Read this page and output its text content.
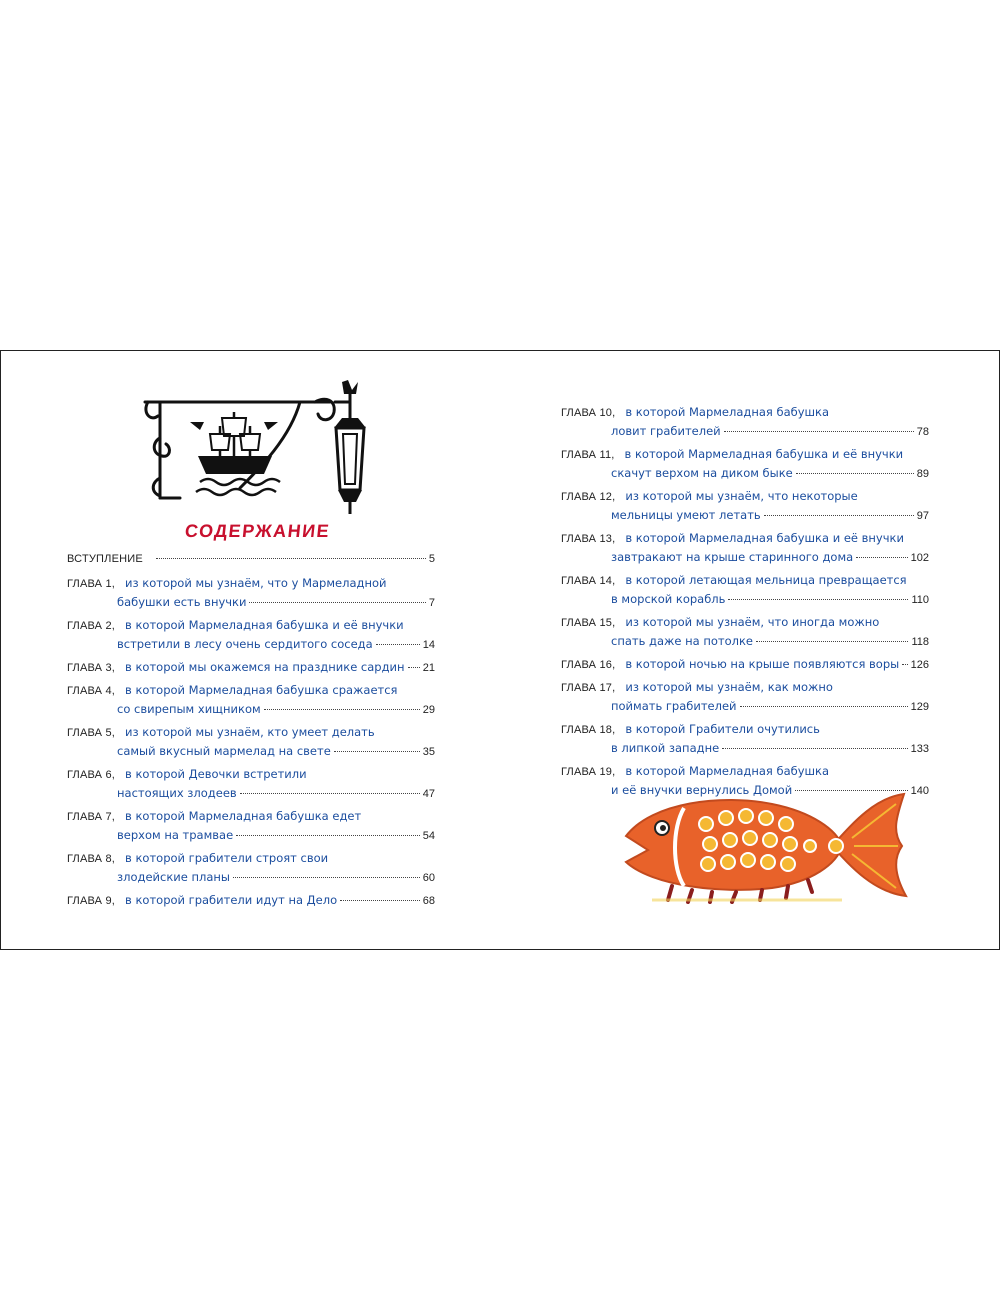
СОДЕРЖАНИЕ
ВСТУПЛЕНИЕ	5
ГЛАВА 1, из которой мы узнаём, что у Мармеладной
бабушки есть внучки	7
ГЛАВА 2, в которой Мармеладная бабушка и её внучки
встретили в лесу очень сердитого соседа	14
ГЛАВА 3, в которой мы окажемся на празднике сардин 21
ГЛАВА 4, в которой Мармеладная бабушка сражается
со свирепым хищником	29
ГЛАВА 5, из которой мы узнаём, кто умеет делать
самый вкусный мармелад на свете	35
ГЛАВА 6, в которой Девочки встретили
настоящих злодеев	47
ГЛАВА 7, в которой Мармеладная бабушка едет
верхом на трамвае	54
ГЛАВА 8, в которой грабители строят свои
злодейские планы	60
ГЛАВА 9, в которой грабители идут на Дело	68
ГЛАВА 10, в которой Мармеладная бабушка
ловит грабителей	78
ГЛАВА 11, в которой Мармеладная бабушка и её внучки
скачут верхом на диком быке	89
ГЛАВА 12, из которой мы узнаём, что некоторые
мельницы умеют летать	97
ГЛАВА 13, в которой Мармеладная бабушка и её внучки
завтракают на крыше старинного дома	102
ГЛАВА 14, в которой летающая мельница превращается
в морской корабль	110
ГЛАВА 15, из которой мы узнаём, что иногда можно
спать даже на потолке	118
ГЛАВА 16, в которой ночью на крыше появляются воры 126
ГЛАВА 17, из которой мы узнаём, как можно
поймать грабителей	129
ГЛАВА 18, в которой Грабители очутились
в липкой западне	133
ГЛАВА 19, в которой Мармеладная бабушка
и её внучки вернулись Домой	140
